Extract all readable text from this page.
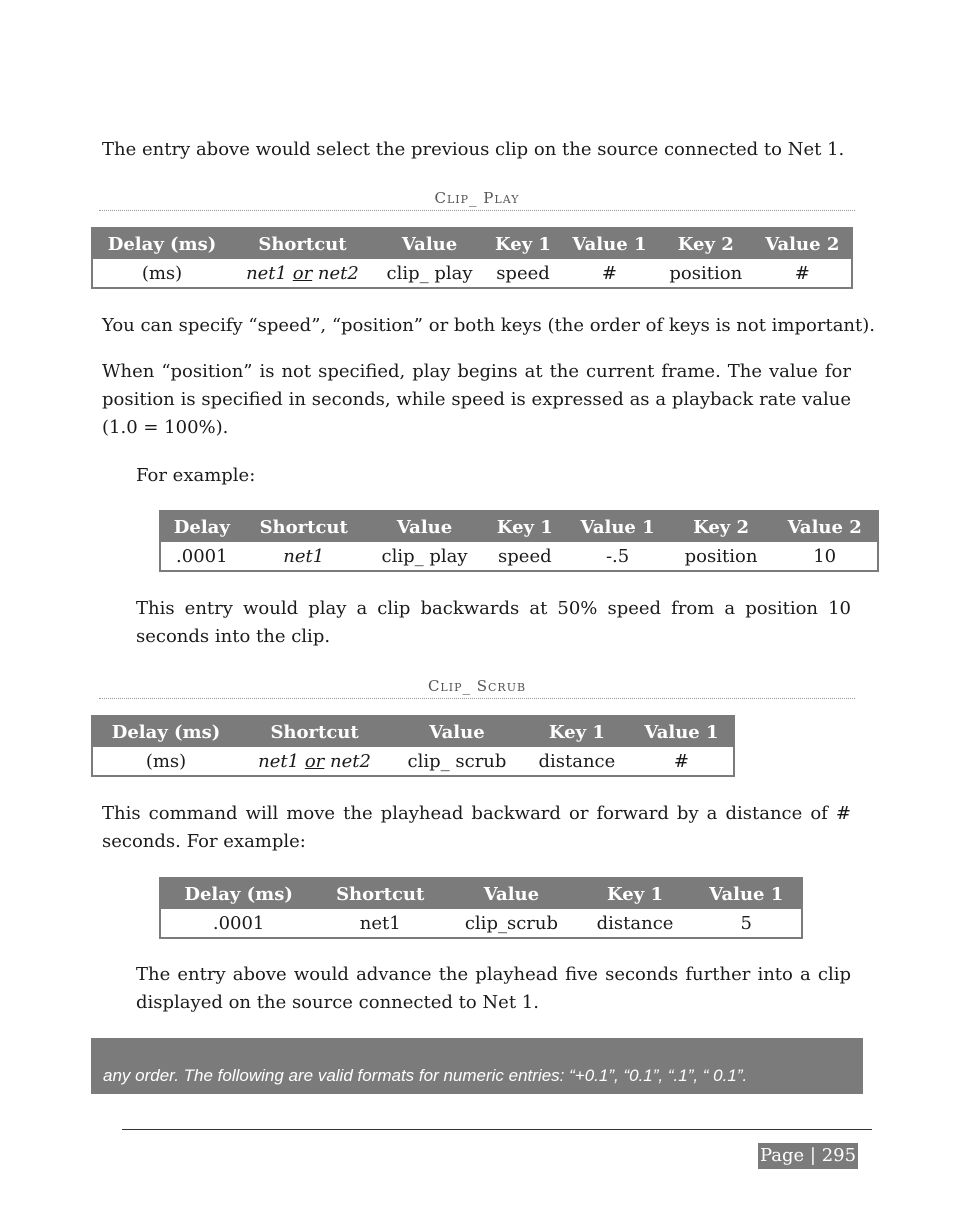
The entry above would select the previous clip on the source connected to Net 1.

Clip_ Play
Delay (ms)	Shortcut	Value	Key 1	Value 1	Key 2	Value 2
(ms)	net1 or net2	clip_ play	speed	#	position	#

You can specify “speed”, “position” or both keys (the order of keys is not important).

When “position” is not specified, play begins at the current frame. The value for position is specified in seconds, while speed is expressed as a playback rate value (1.0 = 100%).

For example:

Delay	Shortcut	Value	Key 1	Value 1	Key 2	Value 2
.0001	net1	clip_ play	speed	-.5	position	10

This entry would play a clip backwards at 50% speed from a position 10 seconds into the clip.

Clip_ Scrub
Delay (ms)	Shortcut	Value	Key 1	Value 1
(ms)	net1 or net2	clip_ scrub	distance	#

This command will move the playhead backward or forward by a distance of # seconds. For example:

Delay (ms)	Shortcut	Value	Key 1	Value 1
.0001	net1	clip_scrub	distance	5

The entry above would advance the playhead five seconds further into a clip displayed on the source connected to Net 1.

any order. The following are valid formats for numeric entries: “+0.1”, “0.1”, “.1”, “ 0.1”.
Page | 295
